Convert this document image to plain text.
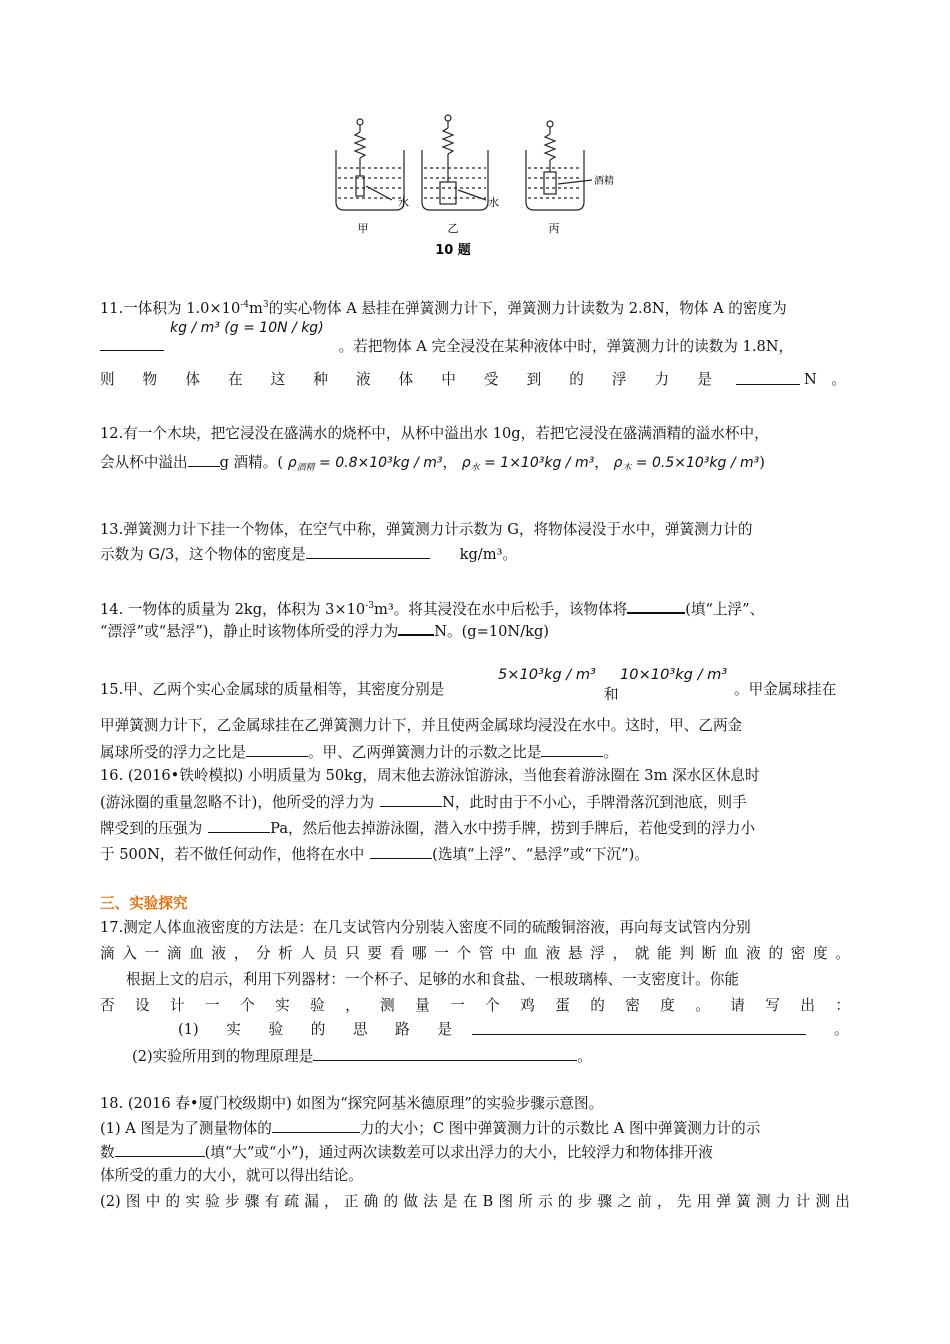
水	水
酒精
甲	乙	丙
10 题
11.一体积为 $1.0\times 10^{-4}m^3$的实心物体 A 悬挂在弹簧测力计下，弹簧测力计读数为 2.8N，物体 A 的密度为
kg / m³ (g = 10N / kg)
。若把物体 A 完全浸没在某种液体中时，弹簧测力计的读数为 1.8N，
则 物 体 在 这 种 液 体 中 受 到 的 浮 力 是	N　。
12.有一个木块，把它浸没在盛满水的烧杯中，从杯中溢出水 10g，若把它浸没在盛满酒精的溢水杯中，
会从杯中溢出 g 酒精。( $\rho_{酒精} = 0.8\times 10^3kg / m^3$， $\rho_水 = 1\times 10^3kg / m^3$， $\rho_木 = 0.5\times 10^3kg / m^3$)
13.弹簧测力计下挂一个物体，在空气中称，弹簧测力计示数为 G，将物体浸没于水中，弹簧测力计的
示数为 G/3，这个物体的密度是	kg/m³。
14. 一物体的质量为 2kg，体积为 $3\times 10^{-3}m^3$。将其浸没在水中后松手，该物体将	(填“上浮”、
“漂浮”或“悬浮”)，静止时该物体所受的浮力为 N。(g=10N/kg)
15.甲、乙两个实心金属球的质量相等，其密度分别是
5×10³kg / m³
和
10×10³kg / m³
。甲金属球挂在
甲弹簧测力计下，乙金属球挂在乙弹簧测力计下，并且使两金属球均浸没在水中。这时，甲、乙两金
属球所受的浮力之比是	。甲、乙两弹簧测力计的示数之比是	。
16. (2016•铁岭模拟) 小明质量为 50kg，周末他去游泳馆游泳，当他套着游泳圈在 3m 深水区休息时
(游泳圈的重量忽略不计)，他所受的浮力为	N，此时由于不小心，手牌滑落沉到池底，则手
牌受到的压强为	Pa，然后他去掉游泳圈，潜入水中捞手牌，捞到手牌后，若他受到的浮力小
于 500N，若不做任何动作，他将在水中	(选填“上浮”、“悬浮”或“下沉”)。
三、实验探究
17.测定人体血液密度的方法是：在几支试管内分别装入密度不同的硫酸铜溶液，再向每支试管内分别
滴 入 一 滴 血 液 ， 分 析 人 员 只 要 看 哪 一 个 管 中 血 液 悬 浮 ， 就 能 判 断 血 液 的 密 度 。
根据上文的启示，利用下列器材：一个杯子、足够的水和食盐、一根玻璃棒、一支密度计。你能
否 设 计 一 个 实 验 ， 测 量 一 个 鸡 蛋 的 密 度 。 请 写 出 ：
(1) 实 验 的 思 路 是	。
(2)实验所用到的物理原理是	。
18. (2016 春•厦门校级期中) 如图为“探究阿基米德原理”的实验步骤示意图。
(1) A 图是为了测量物体的	力的大小；C 图中弹簧测力计的示数比 A 图中弹簧测力计的示
数	(填“大”或“小”)，通过两次读数差可以求出浮力的大小，比较浮力和物体排开液
体所受的重力的大小，就可以得出结论。
(2) 图 中 的 实 验 步 骤 有 疏 漏 ， 正 确 的 做 法 是 在 B 图 所 示 的 步 骤 之 前 ， 先 用 弹 簧 测 力 计 测 出
